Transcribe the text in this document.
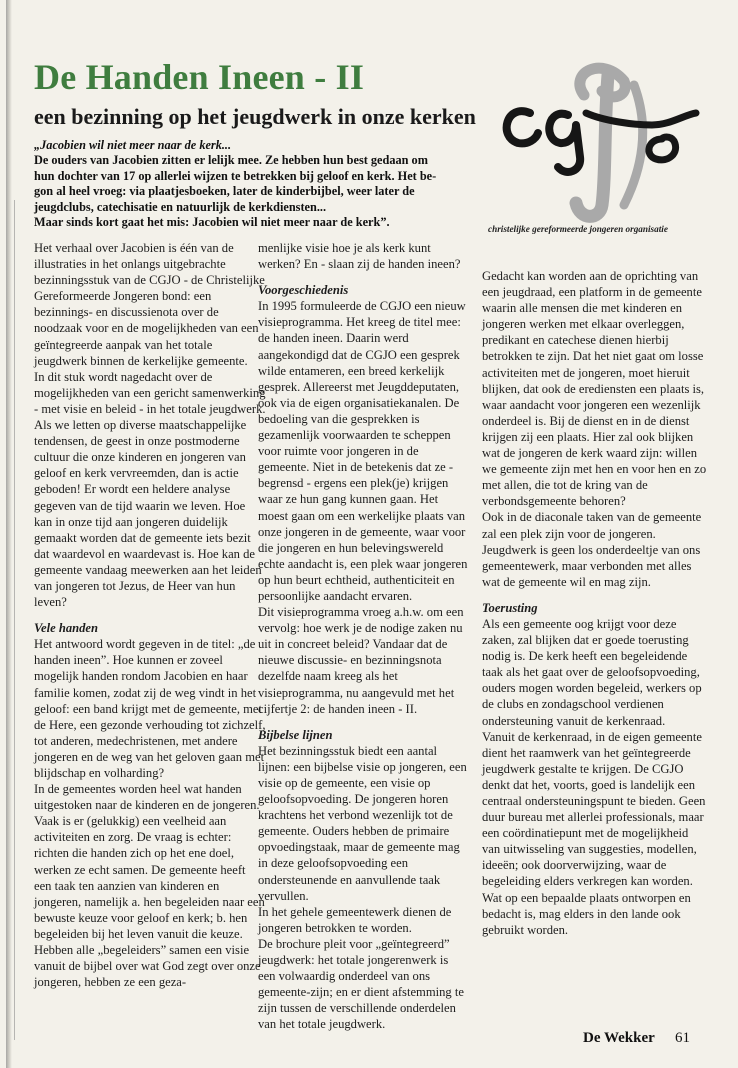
De Handen Ineen - II
een bezinning op het jeugdwerk in onze kerken
„Jacobien wil niet meer naar de kerk...
De ouders van Jacobien zitten er lelijk mee. Ze hebben hun best gedaan om
hun dochter van 17 op allerlei wijzen te betrekken bij geloof en kerk. Het be-
gon al heel vroeg: via plaatjesboeken, later de kinderbijbel, weer later de
jeugdclubs, catechisatie en natuurlijk de kerkdiensten...
Maar sinds kort gaat het mis: Jacobien wil niet meer naar de kerk”.	christelijke gereformeerde jongeren organisatie

Het verhaal over Jacobien is één van de illustraties in het onlangs uitgebrachte bezinningsstuk van de CGJO - de Christelijke Gereformeerde Jongeren bond: een bezinnings- en discussienota over de noodzaak voor en de mogelijkheden van een geïntegreerde aanpak van het totale jeugdwerk binnen de kerkelijke gemeente.

In dit stuk wordt nagedacht over de mogelijkheden van een gericht samenwerking - met visie en beleid - in het totale jeugdwerk. Als we letten op diverse maatschappelijke tendensen, de geest in onze postmoderne cultuur die onze kinderen en jongeren van geloof en kerk vervreemden, dan is actie geboden! Er wordt een heldere analyse gegeven van de tijd waarin we leven. Hoe kan in onze tijd aan jongeren duidelijk gemaakt worden dat de gemeente iets bezit dat waardevol en waardevast is. Hoe kan de gemeente vandaag meewerken aan het leiden van jongeren tot Jezus, de Heer van hun leven?

Vele handen

Het antwoord wordt gegeven in de titel: „de handen ineen”. Hoe kunnen er zoveel mogelijk handen rondom Jacobien en haar familie komen, zodat zij de weg vindt in het geloof: een band krijgt met de gemeente, met de Here, een gezonde verhouding tot zichzelf, tot anderen, medechristenen, met andere jongeren en de weg van het geloven gaan met blijdschap en volharding?

In de gemeentes worden heel wat handen uitgestoken naar de kinderen en de jongeren. Vaak is er (gelukkig) een veelheid aan activiteiten en zorg. De vraag is echter: richten die handen zich op het ene doel, werken ze echt samen. De gemeente heeft een taak ten aanzien van kinderen en jongeren, namelijk a. hen begeleiden naar een bewuste keuze voor geloof en kerk; b. hen begeleiden bij het leven vanuit die keuze. Hebben alle „begeleiders” samen een visie vanuit de bijbel over wat God zegt over onze jongeren, hebben ze een geza-

menlijke visie hoe je als kerk kunt werken? En - slaan zij de handen ineen?

Voorgeschiedenis

In 1995 formuleerde de CGJO een nieuw visieprogramma. Het kreeg de titel mee: de handen ineen. Daarin werd aangekondigd dat de CGJO een gesprek wilde entameren, een breed kerkelijk gesprek. Allereerst met Jeugddeputaten, ook via de eigen organisatiekanalen. De bedoeling van die gesprekken is gezamenlijk voorwaarden te scheppen voor ruimte voor jongeren in de gemeente. Niet in de betekenis dat ze - begrensd - ergens een plek(je) krijgen waar ze hun gang kunnen gaan. Het moest gaan om een werkelijke plaats van onze jongeren in de gemeente, waar voor die jongeren en hun belevingswereld echte aandacht is, een plek waar jongeren op hun beurt echtheid, authenticiteit en persoonlijke aandacht ervaren.

Dit visieprogramma vroeg a.h.w. om een vervolg: hoe werk je de nodige zaken nu uit in concreet beleid? Vandaar dat de nieuwe discussie- en bezinningsnota dezelfde naam kreeg als het visieprogramma, nu aangevuld met het cijfertje 2: de handen ineen - II.

Bijbelse lijnen

Het bezinningsstuk biedt een aantal lijnen: een bijbelse visie op jongeren, een visie op de gemeente, een visie op geloofsopvoeding. De jongeren horen krachtens het verbond wezenlijk tot de gemeente. Ouders hebben de primaire opvoedingstaak, maar de gemeente mag in deze geloofsopvoeding een ondersteunende en aanvullende taak vervullen.

In het gehele gemeentewerk dienen de jongeren betrokken te worden.

De brochure pleit voor „geïntegreerd” jeugdwerk: het totale jongerenwerk is een volwaardig onderdeel van ons gemeente-zijn; en er dient afstemming te zijn tussen de verschillende onderdelen van het totale jeugdwerk.

Gedacht kan worden aan de oprichting van een jeugdraad, een platform in de gemeente waarin alle mensen die met kinderen en jongeren werken met elkaar overleggen, predikant en catechese dienen hierbij betrokken te zijn. Dat het niet gaat om losse activiteiten met de jongeren, moet hieruit blijken, dat ook de erediensten een plaats is, waar aandacht voor jongeren een wezenlijk onderdeel is. Bij de dienst en in de dienst krijgen zij een plaats. Hier zal ook blijken wat de jongeren de kerk waard zijn: willen we gemeente zijn met hen en voor hen en zo met allen, die tot de kring van de verbondsgemeente behoren?

Ook in de diaconale taken van de gemeente zal een plek zijn voor de jongeren.

Jeugdwerk is geen los onderdeeltje van ons gemeentewerk, maar verbonden met alles wat de gemeente wil en mag zijn.

Toerusting

Als een gemeente oog krijgt voor deze zaken, zal blijken dat er goede toerusting nodig is. De kerk heeft een begeleidende taak als het gaat over de geloofsopvoeding, ouders mogen worden begeleid, werkers op de clubs en zondagschool verdienen ondersteuning vanuit de kerkenraad.

Vanuit de kerkenraad, in de eigen gemeente dient het raamwerk van het geïntegreerde jeugdwerk gestalte te krijgen. De CGJO denkt dat het, voorts, goed is landelijk een centraal ondersteuningspunt te bieden. Geen duur bureau met allerlei professionals, maar een coördinatiepunt met de mogelijkheid van uitwisseling van suggesties, modellen, ideeën; ook doorverwijzing, waar de begeleiding elders verkregen kan worden. Wat op een bepaalde plaats ontworpen en bedacht is, mag elders in den lande ook gebruikt worden.

De Wekker 61
